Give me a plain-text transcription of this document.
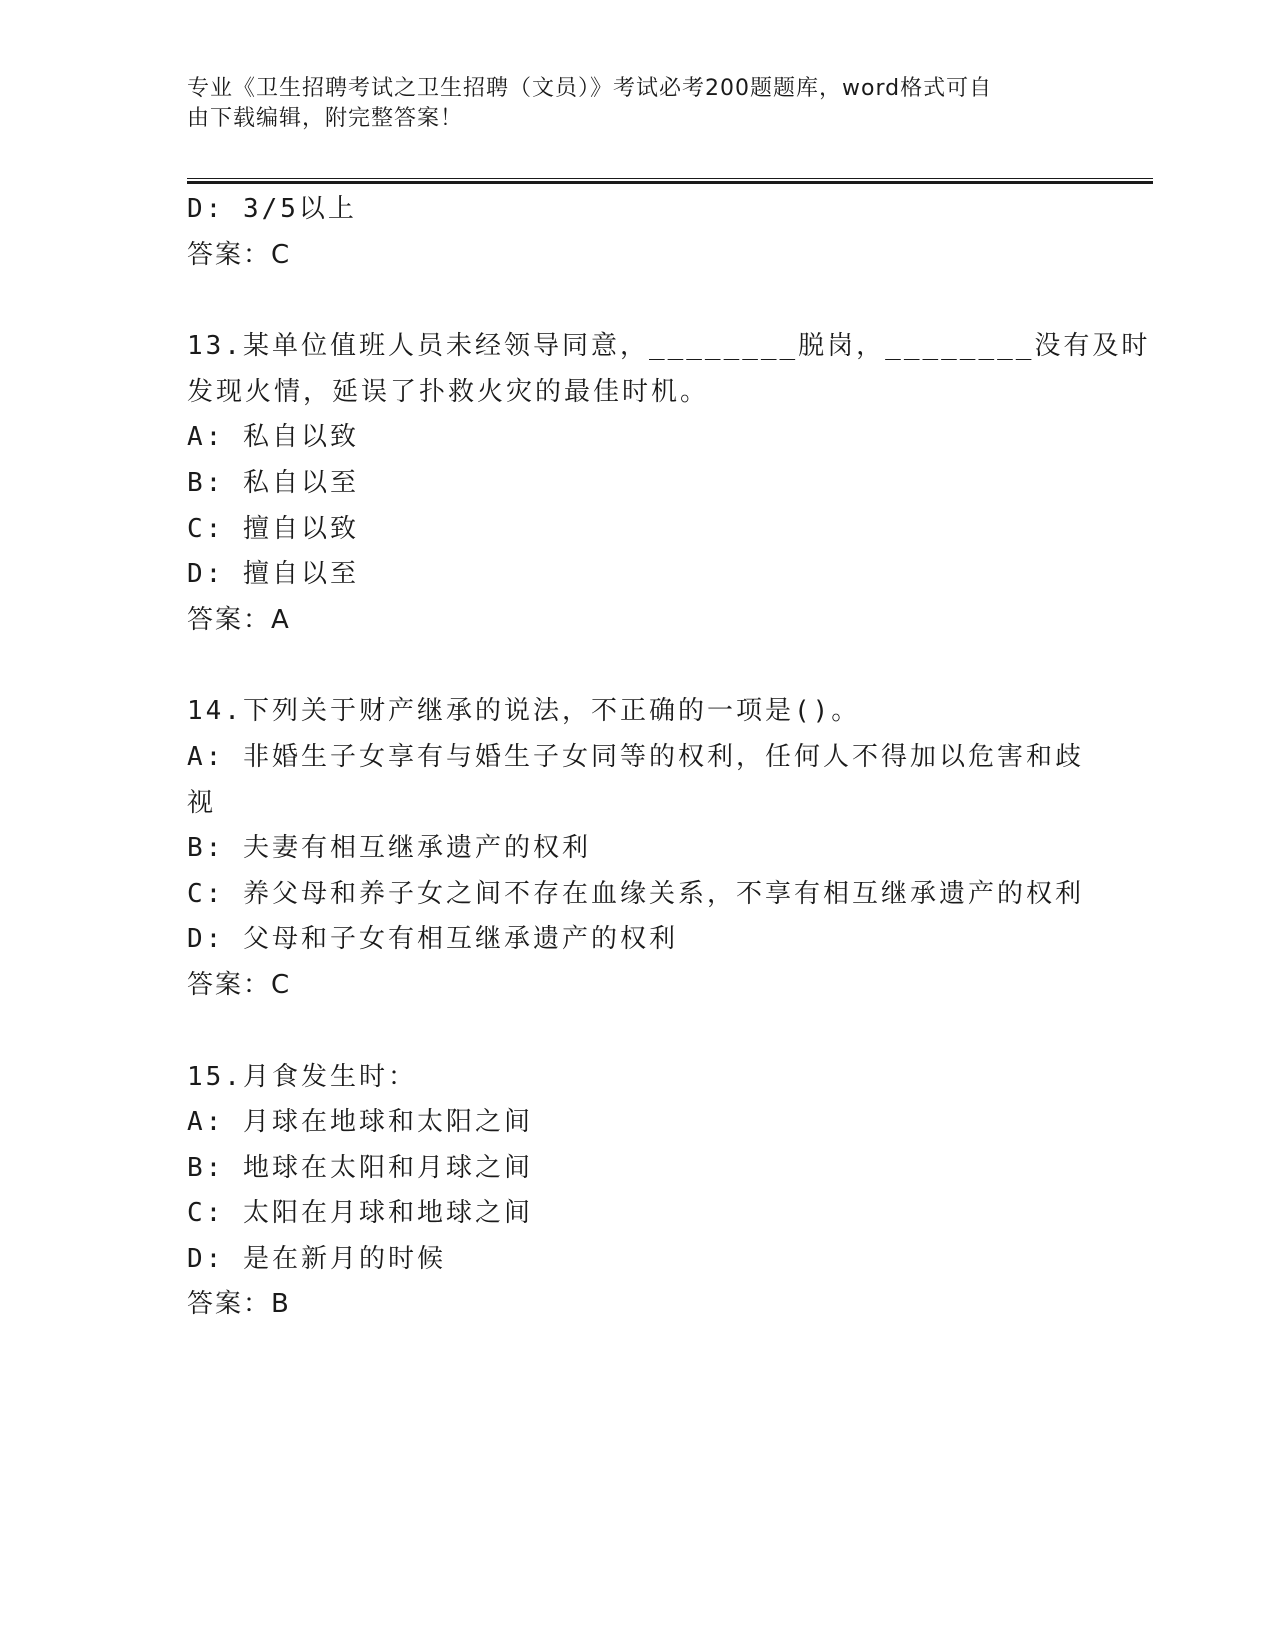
专业《卫生招聘考试之卫生招聘（文员）》考试必考200题题库，word格式可自
由下载编辑，附完整答案！
D: 3/5以上
答案：C
13.某单位值班人员未经领导同意，________脱岗，________没有及时
发现火情，延误了扑救火灾的最佳时机。
A: 私自以致
B: 私自以至
C: 擅自以致
D: 擅自以至
答案：A
14.下列关于财产继承的说法，不正确的一项是()。
A: 非婚生子女享有与婚生子女同等的权利，任何人不得加以危害和歧
视
B: 夫妻有相互继承遗产的权利
C: 养父母和养子女之间不存在血缘关系，不享有相互继承遗产的权利
D: 父母和子女有相互继承遗产的权利
答案：C
15.月食发生时：
A: 月球在地球和太阳之间
B: 地球在太阳和月球之间
C: 太阳在月球和地球之间
D: 是在新月的时候
答案：B
